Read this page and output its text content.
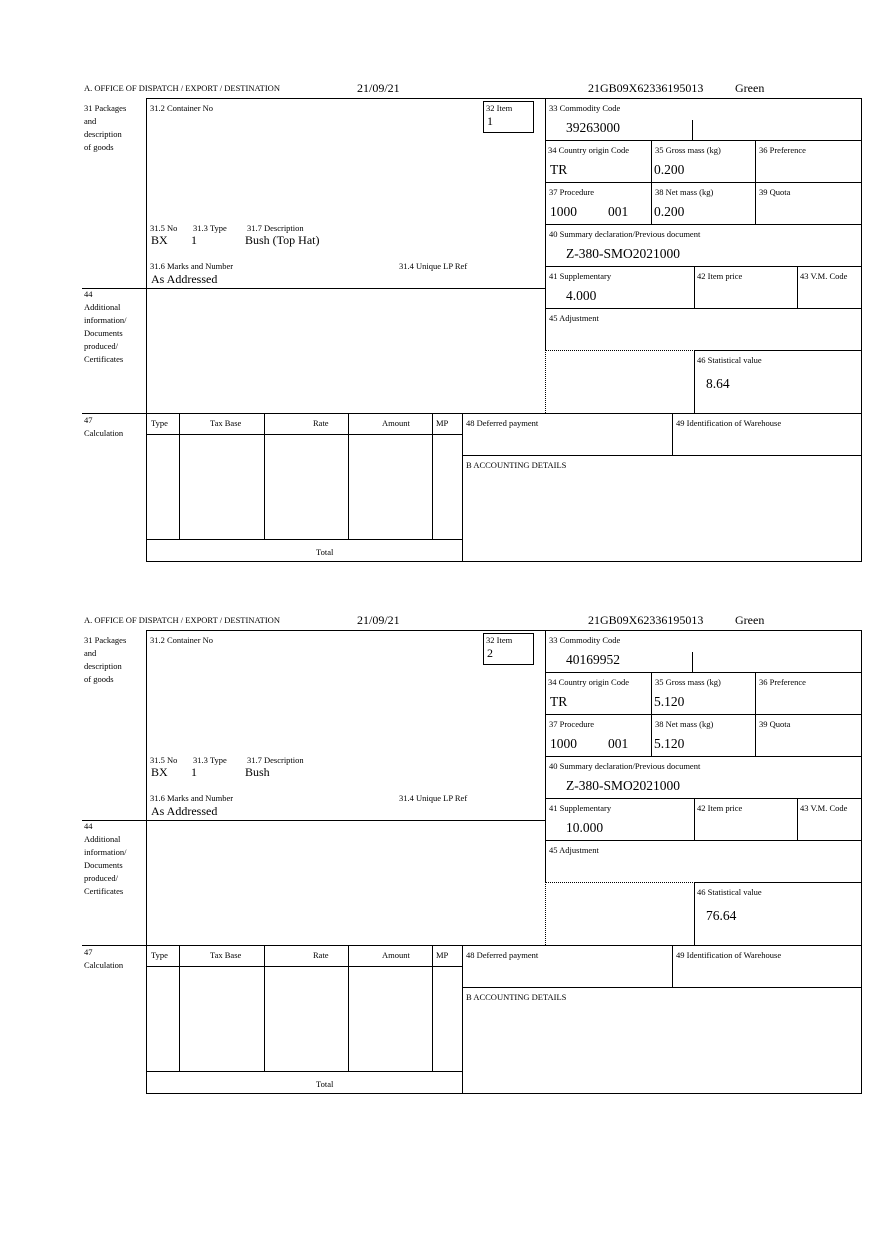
A. OFFICE OF DISPATCH / EXPORT / DESTINATION	21/09/21	21GB09X62336195013	Green
31 Packages
and
description
of goods
44
Additional
information/
Documents
produced/
Certificates
47
Calculation
32 Item
1
31.2 Container No
31.5 No 31.3 Type 31.7 Description
BX 1	Bush (Top Hat)
31.6 Marks and Number	31.4 Unique LP Ref
As Addressed
33 Commodity Code
39263000
34 Country origin Code	35 Gross mass (kg)	36 Preference
TR	0.200
37 Procedure	38 Net mass (kg)	39 Quota
1000 001 0.200
40 Summary declaration/Previous document
Z-380-SMO2021000
41 Supplementary	42 Item price	43 V.M. Code
4.000
45 Adjustment
46 Statistical value
8.64
Type	Tax Base	Rate	Amount	MP
Total
48 Deferred payment	49 Identification of Warehouse
B ACCOUNTING DETAILS
A. OFFICE OF DISPATCH / EXPORT / DESTINATION	21/09/21	21GB09X62336195013	Green
31 Packages
and
description
of goods
44
Additional
information/
Documents
produced/
Certificates
47
Calculation
32 Item
2
31.2 Container No
31.5 No 31.3 Type 31.7 Description
BX 1	Bush
31.6 Marks and Number	31.4 Unique LP Ref
As Addressed
33 Commodity Code
40169952
34 Country origin Code	35 Gross mass (kg)	36 Preference
TR	5.120
37 Procedure	38 Net mass (kg)	39 Quota
1000 001 5.120
40 Summary declaration/Previous document
Z-380-SMO2021000
41 Supplementary	42 Item price	43 V.M. Code
10.000
45 Adjustment
46 Statistical value
76.64
Type	Tax Base	Rate	Amount	MP
Total
48 Deferred payment	49 Identification of Warehouse
B ACCOUNTING DETAILS
